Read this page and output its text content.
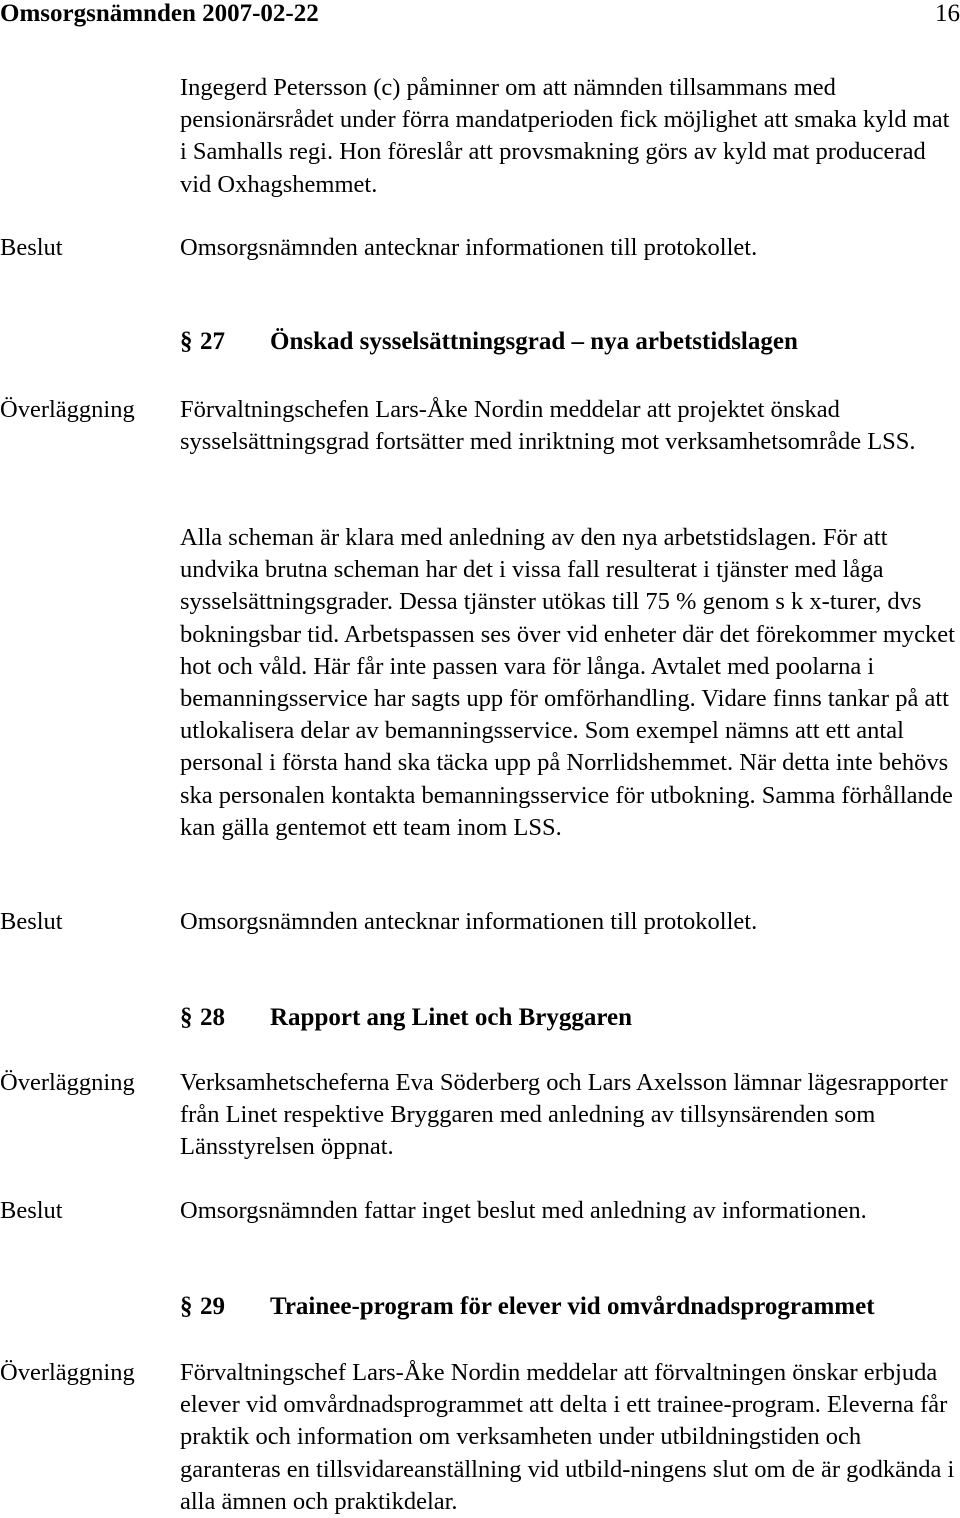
Omsorgsnämnden 2007-02-22	16

Ingegerd Petersson (c) påminner om att nämnden tillsammans med pensionärsrådet under förra mandatperioden fick möjlighet att smaka kyld mat i Samhalls regi. Hon föreslår att provsmakning görs av kyld mat producerad vid Oxhagshemmet.

Beslut	Omsorgsnämnden antecknar informationen till protokollet.

§ 27 Önskad sysselsättningsgrad – nya arbetstidslagen
Överläggning Förvaltningschefen Lars-Åke Nordin meddelar att projektet önskad sysselsättningsgrad fortsätter med inriktning mot verksamhetsområde LSS.

Alla scheman är klara med anledning av den nya arbetstidslagen. För att undvika brutna scheman har det i vissa fall resulterat i tjänster med låga sysselsättningsgrader. Dessa tjänster utökas till 75 % genom s k x-turer, dvs bokningsbar tid. Arbetspassen ses över vid enheter där det förekommer mycket hot och våld. Här får inte passen vara för långa. Avtalet med poolarna i bemanningsservice har sagts upp för omförhandling. Vidare finns tankar på att utlokalisera delar av bemanningsservice. Som exempel nämns att ett antal personal i första hand ska täcka upp på Norrlidshemmet. När detta inte behövs ska personalen kontakta bemanningsservice för utbokning. Samma förhållande kan gälla gentemot ett team inom LSS.

Beslut	Omsorgsnämnden antecknar informationen till protokollet.

§ 28 Rapport ang Linet och Bryggaren
Överläggning Verksamhetscheferna Eva Söderberg och Lars Axelsson lämnar lägesrapporter från Linet respektive Bryggaren med anledning av tillsynsärenden som Länsstyrelsen öppnat.

Beslut	Omsorgsnämnden fattar inget beslut med anledning av informationen.

§ 29 Trainee-program för elever vid omvårdnadsprogrammet
Överläggning Förvaltningschef Lars-Åke Nordin meddelar att förvaltningen önskar erbjuda elever vid omvårdnadsprogrammet att delta i ett trainee-program. Eleverna får praktik och information om verksamheten under utbildningstiden och garanteras en tillsvidareanställning vid utbild-ningens slut om de är godkända i alla ämnen och praktikdelar.
